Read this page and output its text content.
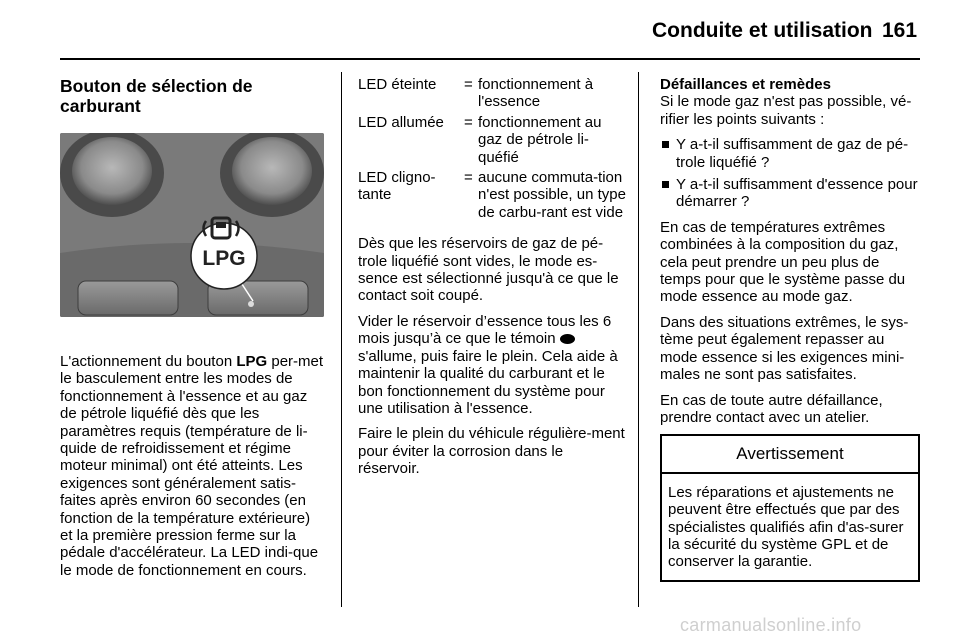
Conduite et utilisation 161
Bouton de sélection de carburant
LPG

L'actionnement du bouton LPG per-met le basculement entre les modes de fonctionnement à l'essence et au gaz de pétrole liquéfié dès que les paramètres requis (température de li-quide de refroidissement et régime moteur minimal) ont été atteints. Les exigences sont généralement satis-faites après environ 60 secondes (en fonction de la température extérieure) et la première pression ferme sur la pédale d'accélérateur. La LED indi-que le mode de fonctionnement en cours.

LED éteinte	= fonctionnement à l'essence
LED allumée	= fonctionnement au gaz de pétrole li-quéfié
LED cligno-tante
= aucune commuta-tion n'est possible, un type de carbu-rant est vide

Dès que les réservoirs de gaz de pé-trole liquéfié sont vides, le mode es-sence est sélectionné jusqu'à ce que le contact soit coupé.

Vider le réservoir d’essence tous les 6 mois jusqu’à ce que le témoin  s'allume, puis faire le plein. Cela aide à maintenir la qualité du carburant et le bon fonctionnement du système pour une utilisation à l'essence.

Faire le plein du véhicule régulière-ment pour éviter la corrosion dans le réservoir.

Défaillances et remèdes

Si le mode gaz n'est pas possible, vé-rifier les points suivants :

Y a-t-il suffisamment de gaz de pé-trole liquéfié ?
Y a-t-il suffisamment d'essence pour démarrer ?

En cas de températures extrêmes combinées à la composition du gaz, cela peut prendre un peu plus de temps pour que le système passe du mode essence au mode gaz.

Dans des situations extrêmes, le sys-tème peut également repasser au mode essence si les exigences mini-males ne sont pas satisfaites.

En cas de toute autre défaillance, prendre contact avec un atelier.

Avertissement
Les réparations et ajustements ne peuvent être effectués que par des spécialistes qualifiés afin d'as-surer la sécurité du système GPL et de conserver la garantie.
carmanualsonline.info
